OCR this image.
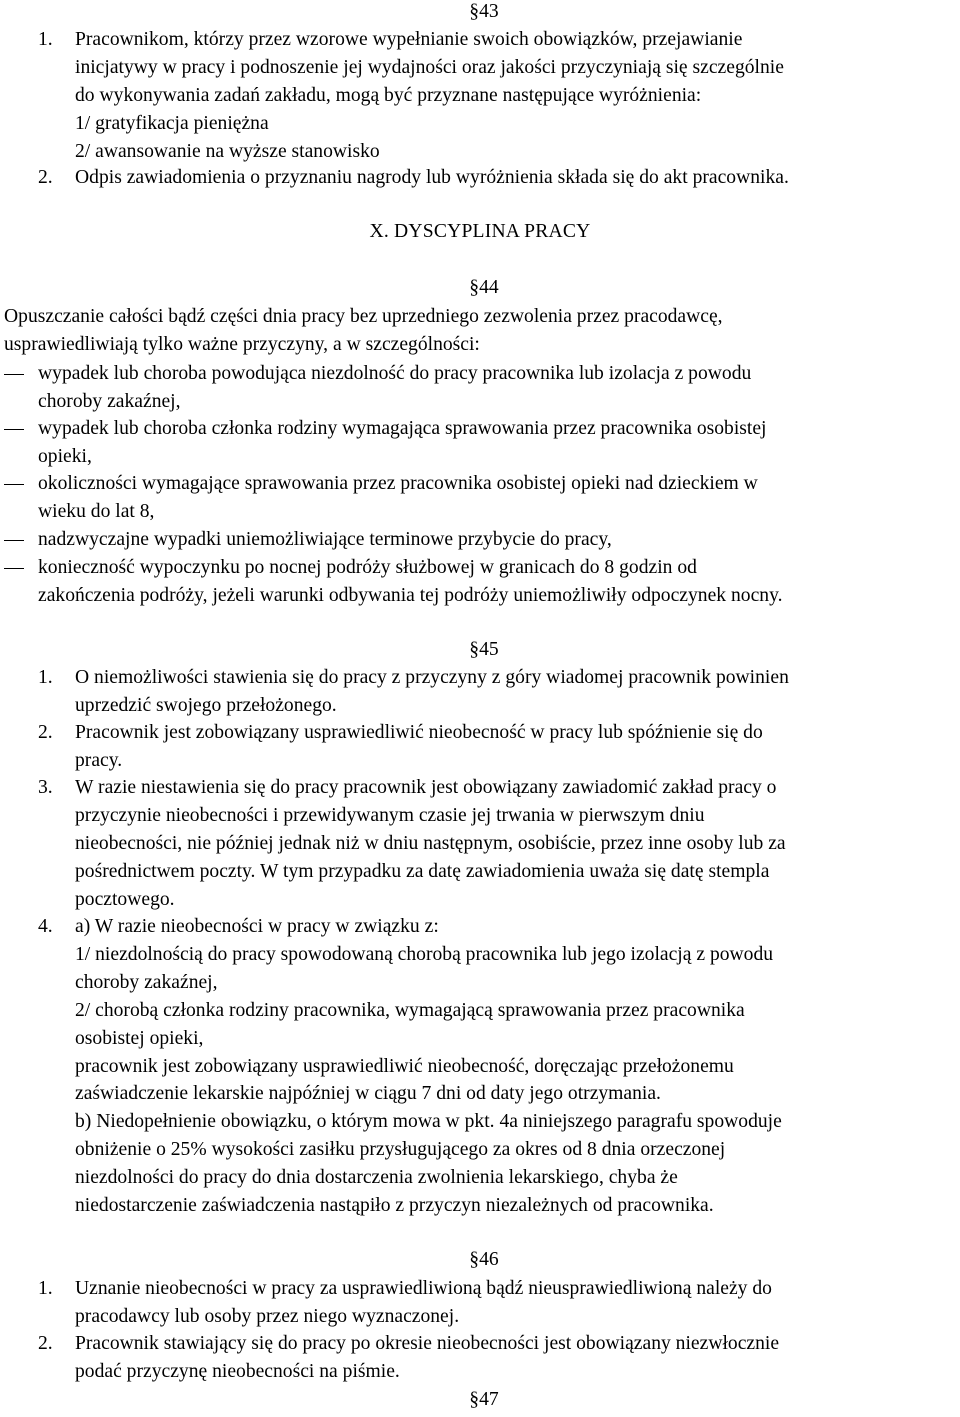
§43
1. Pracownikom, którzy przez wzorowe wypełnianie swoich obowiązków, przejawianie
inicjatywy w pracy i podnoszenie jej wydajności oraz jakości przyczyniają się szczególnie
do wykonywania zadań zakładu, mogą być przyznane następujące wyróżnienia:
1/ gratyfikacja pieniężna
2/ awansowanie na wyższe stanowisko
2. Odpis zawiadomienia o przyznaniu nagrody lub wyróżnienia składa się do akt pracownika.
X. DYSCYPLINA PRACY
§44
Opuszczanie całości bądź części dnia pracy bez uprzedniego zezwolenia przez pracodawcę,
usprawiedliwiają tylko ważne przyczyny, a w szczególności:
wypadek lub choroba powodująca niezdolność do pracy pracownika lub izolacja z powodu
choroby zakaźnej,
wypadek lub choroba członka rodziny wymagająca sprawowania przez pracownika osobistej
opieki,
okoliczności wymagające sprawowania przez pracownika osobistej opieki nad dzieckiem w
wieku do lat 8,
nadzwyczajne wypadki uniemożliwiające terminowe przybycie do pracy,
konieczność wypoczynku po nocnej podróży służbowej w granicach do 8 godzin od
zakończenia podróży, jeżeli warunki odbywania tej podróży uniemożliwiły odpoczynek nocny.
§45
1. O niemożliwości stawienia się do pracy z przyczyny z góry wiadomej pracownik powinien
uprzedzić swojego przełożonego.
2. Pracownik jest zobowiązany usprawiedliwić nieobecność w pracy lub spóźnienie się do
pracy.
3. W razie niestawienia się do pracy pracownik jest obowiązany zawiadomić zakład pracy o
przyczynie nieobecności i przewidywanym czasie jej trwania w pierwszym dniu
nieobecności, nie później jednak niż w dniu następnym, osobiście, przez inne osoby lub za
pośrednictwem poczty. W tym przypadku za datę zawiadomienia uważa się datę stempla
pocztowego.
4. a) W razie nieobecności w pracy w związku z:
1/ niezdolnością do pracy spowodowaną chorobą pracownika lub jego izolacją z powodu
choroby zakaźnej,
2/ chorobą członka rodziny pracownika, wymagającą sprawowania przez pracownika
osobistej opieki,
pracownik jest zobowiązany usprawiedliwić nieobecność, doręczając przełożonemu
zaświadczenie lekarskie najpóźniej w ciągu 7 dni od daty jego otrzymania.
b) Niedopełnienie obowiązku, o którym mowa w pkt. 4a niniejszego paragrafu spowoduje
obniżenie o 25% wysokości zasiłku przysługującego za okres od 8 dnia orzeczonej
niezdolności do pracy do dnia dostarczenia zwolnienia lekarskiego, chyba że
niedostarczenie zaświadczenia nastąpiło z przyczyn niezależnych od pracownika.
§46
1. Uznanie nieobecności w pracy za usprawiedliwioną bądź nieusprawiedliwioną należy do
pracodawcy lub osoby przez niego wyznaczonej.
2. Pracownik stawiający się do pracy po okresie nieobecności jest obowiązany niezwłocznie
podać przyczynę nieobecności na piśmie.
§47
